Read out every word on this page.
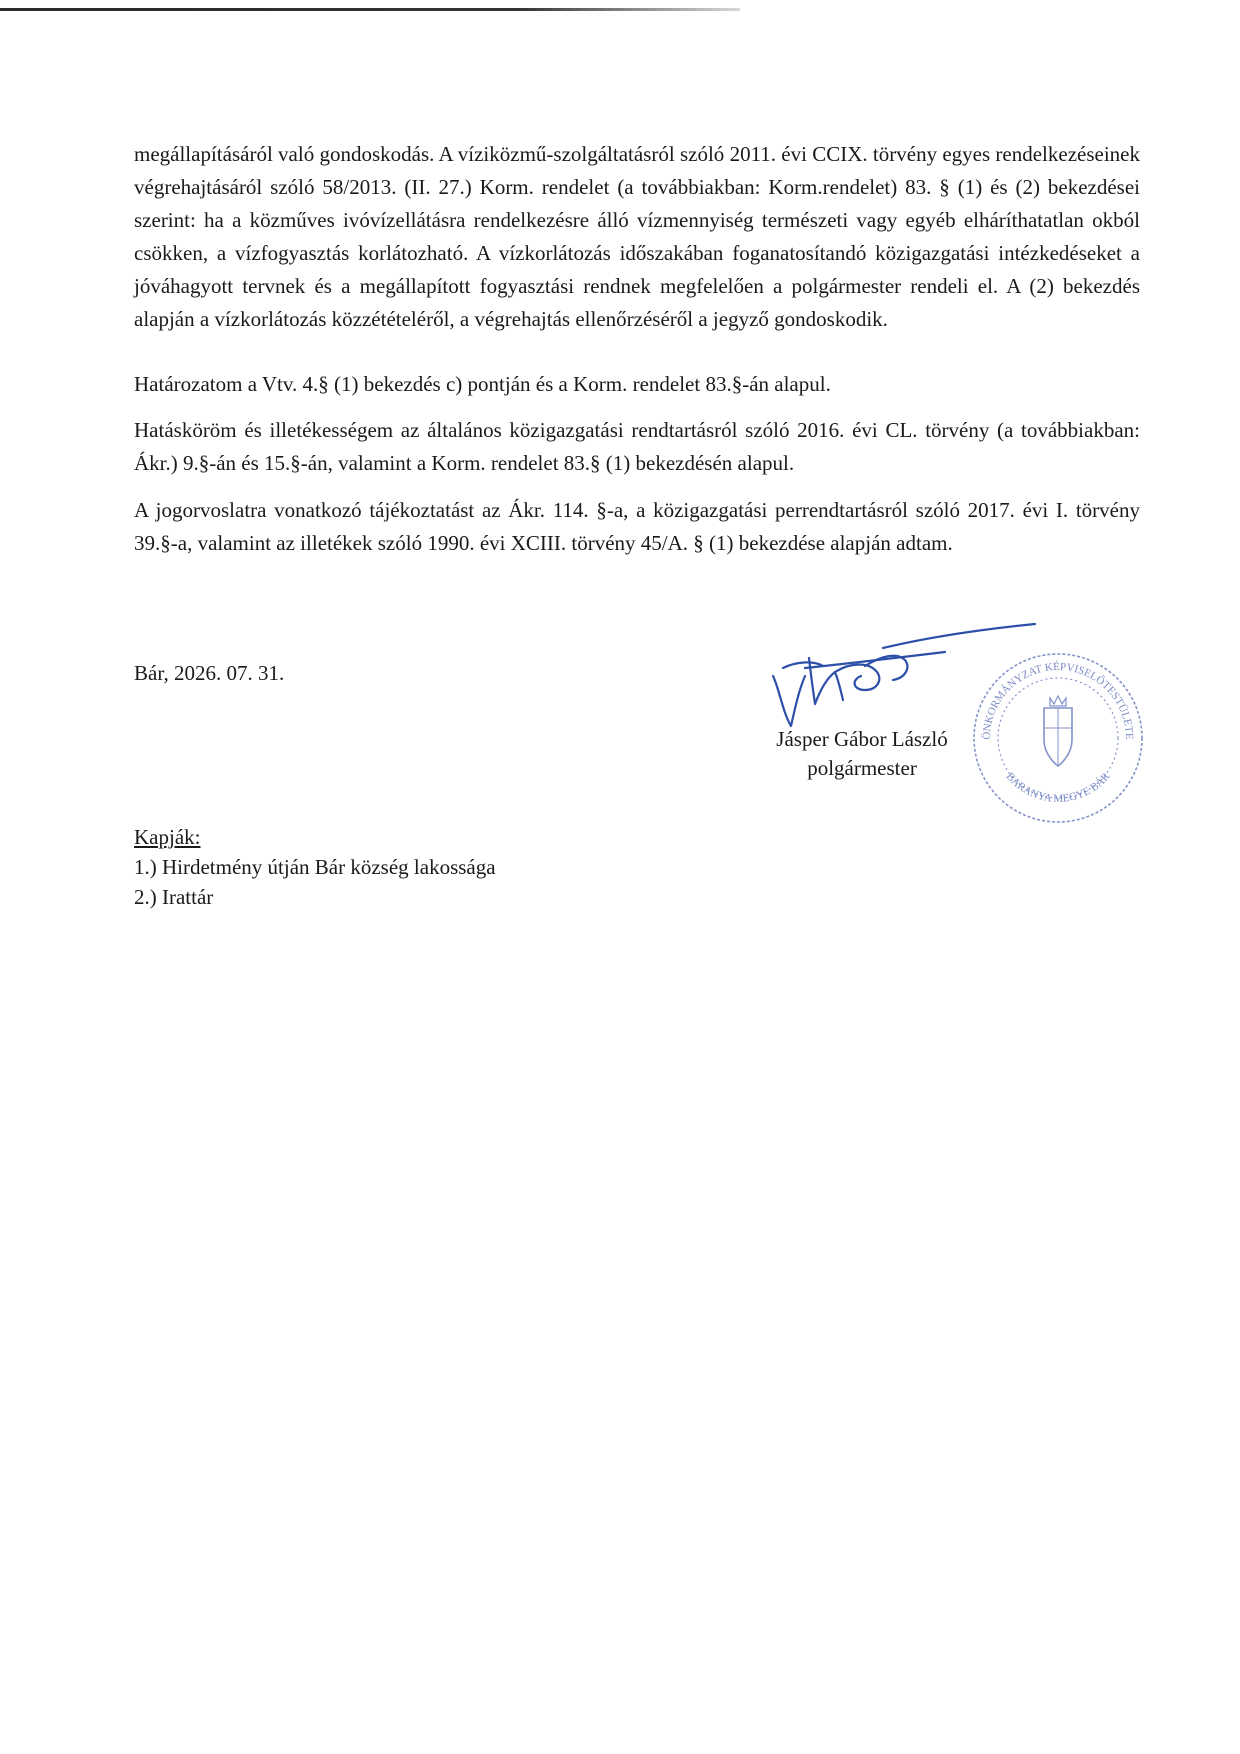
megállapításáról való gondoskodás. A víziközmű-szolgáltatásról szóló 2011. évi CCIX. törvény egyes rendelkezéseinek végrehajtásáról szóló 58/2013. (II. 27.) Korm. rendelet (a továbbiakban: Korm.rendelet) 83. § (1) és (2) bekezdései szerint: ha a közműves ivóvízellátásra rendelkezésre álló vízmennyiség természeti vagy egyéb elháríthatatlan okból csökken, a vízfogyasztás korlátozható. A vízkorlátozás időszakában foganatosítandó közigazgatási intézkedéseket a jóváhagyott tervnek és a megállapított fogyasztási rendnek megfelelően a polgármester rendeli el. A (2) bekezdés alapján a vízkorlátozás közzétételéről, a végrehajtás ellenőrzéséről a jegyző gondoskodik.

Határozatom a Vtv. 4.§ (1) bekezdés c) pontján és a Korm. rendelet 83.§-án alapul.

Hatásköröm és illetékességem az általános közigazgatási rendtartásról szóló 2016. évi CL. törvény (a továbbiakban: Ákr.) 9.§-án és 15.§-án, valamint a Korm. rendelet 83.§ (1) bekezdésén alapul.

A jogorvoslatra vonatkozó tájékoztatást az Ákr. 114. §-a, a közigazgatási perrendtartásról szóló 2017. évi I. törvény 39.§-a, valamint az illetékek szóló 1990. évi XCIII. törvény 45/A. § (1) bekezdése alapján adtam.

Bár, 2026. 07. 31.

ÖNKORMÁNYZAT KÉPVISELŐTESTÜLETE
BARANYA MEGYE BÁR
Jásper Gábor László
polgármester
Kapják:
1.) Hirdetmény útján Bár község lakossága
2.) Irattár
